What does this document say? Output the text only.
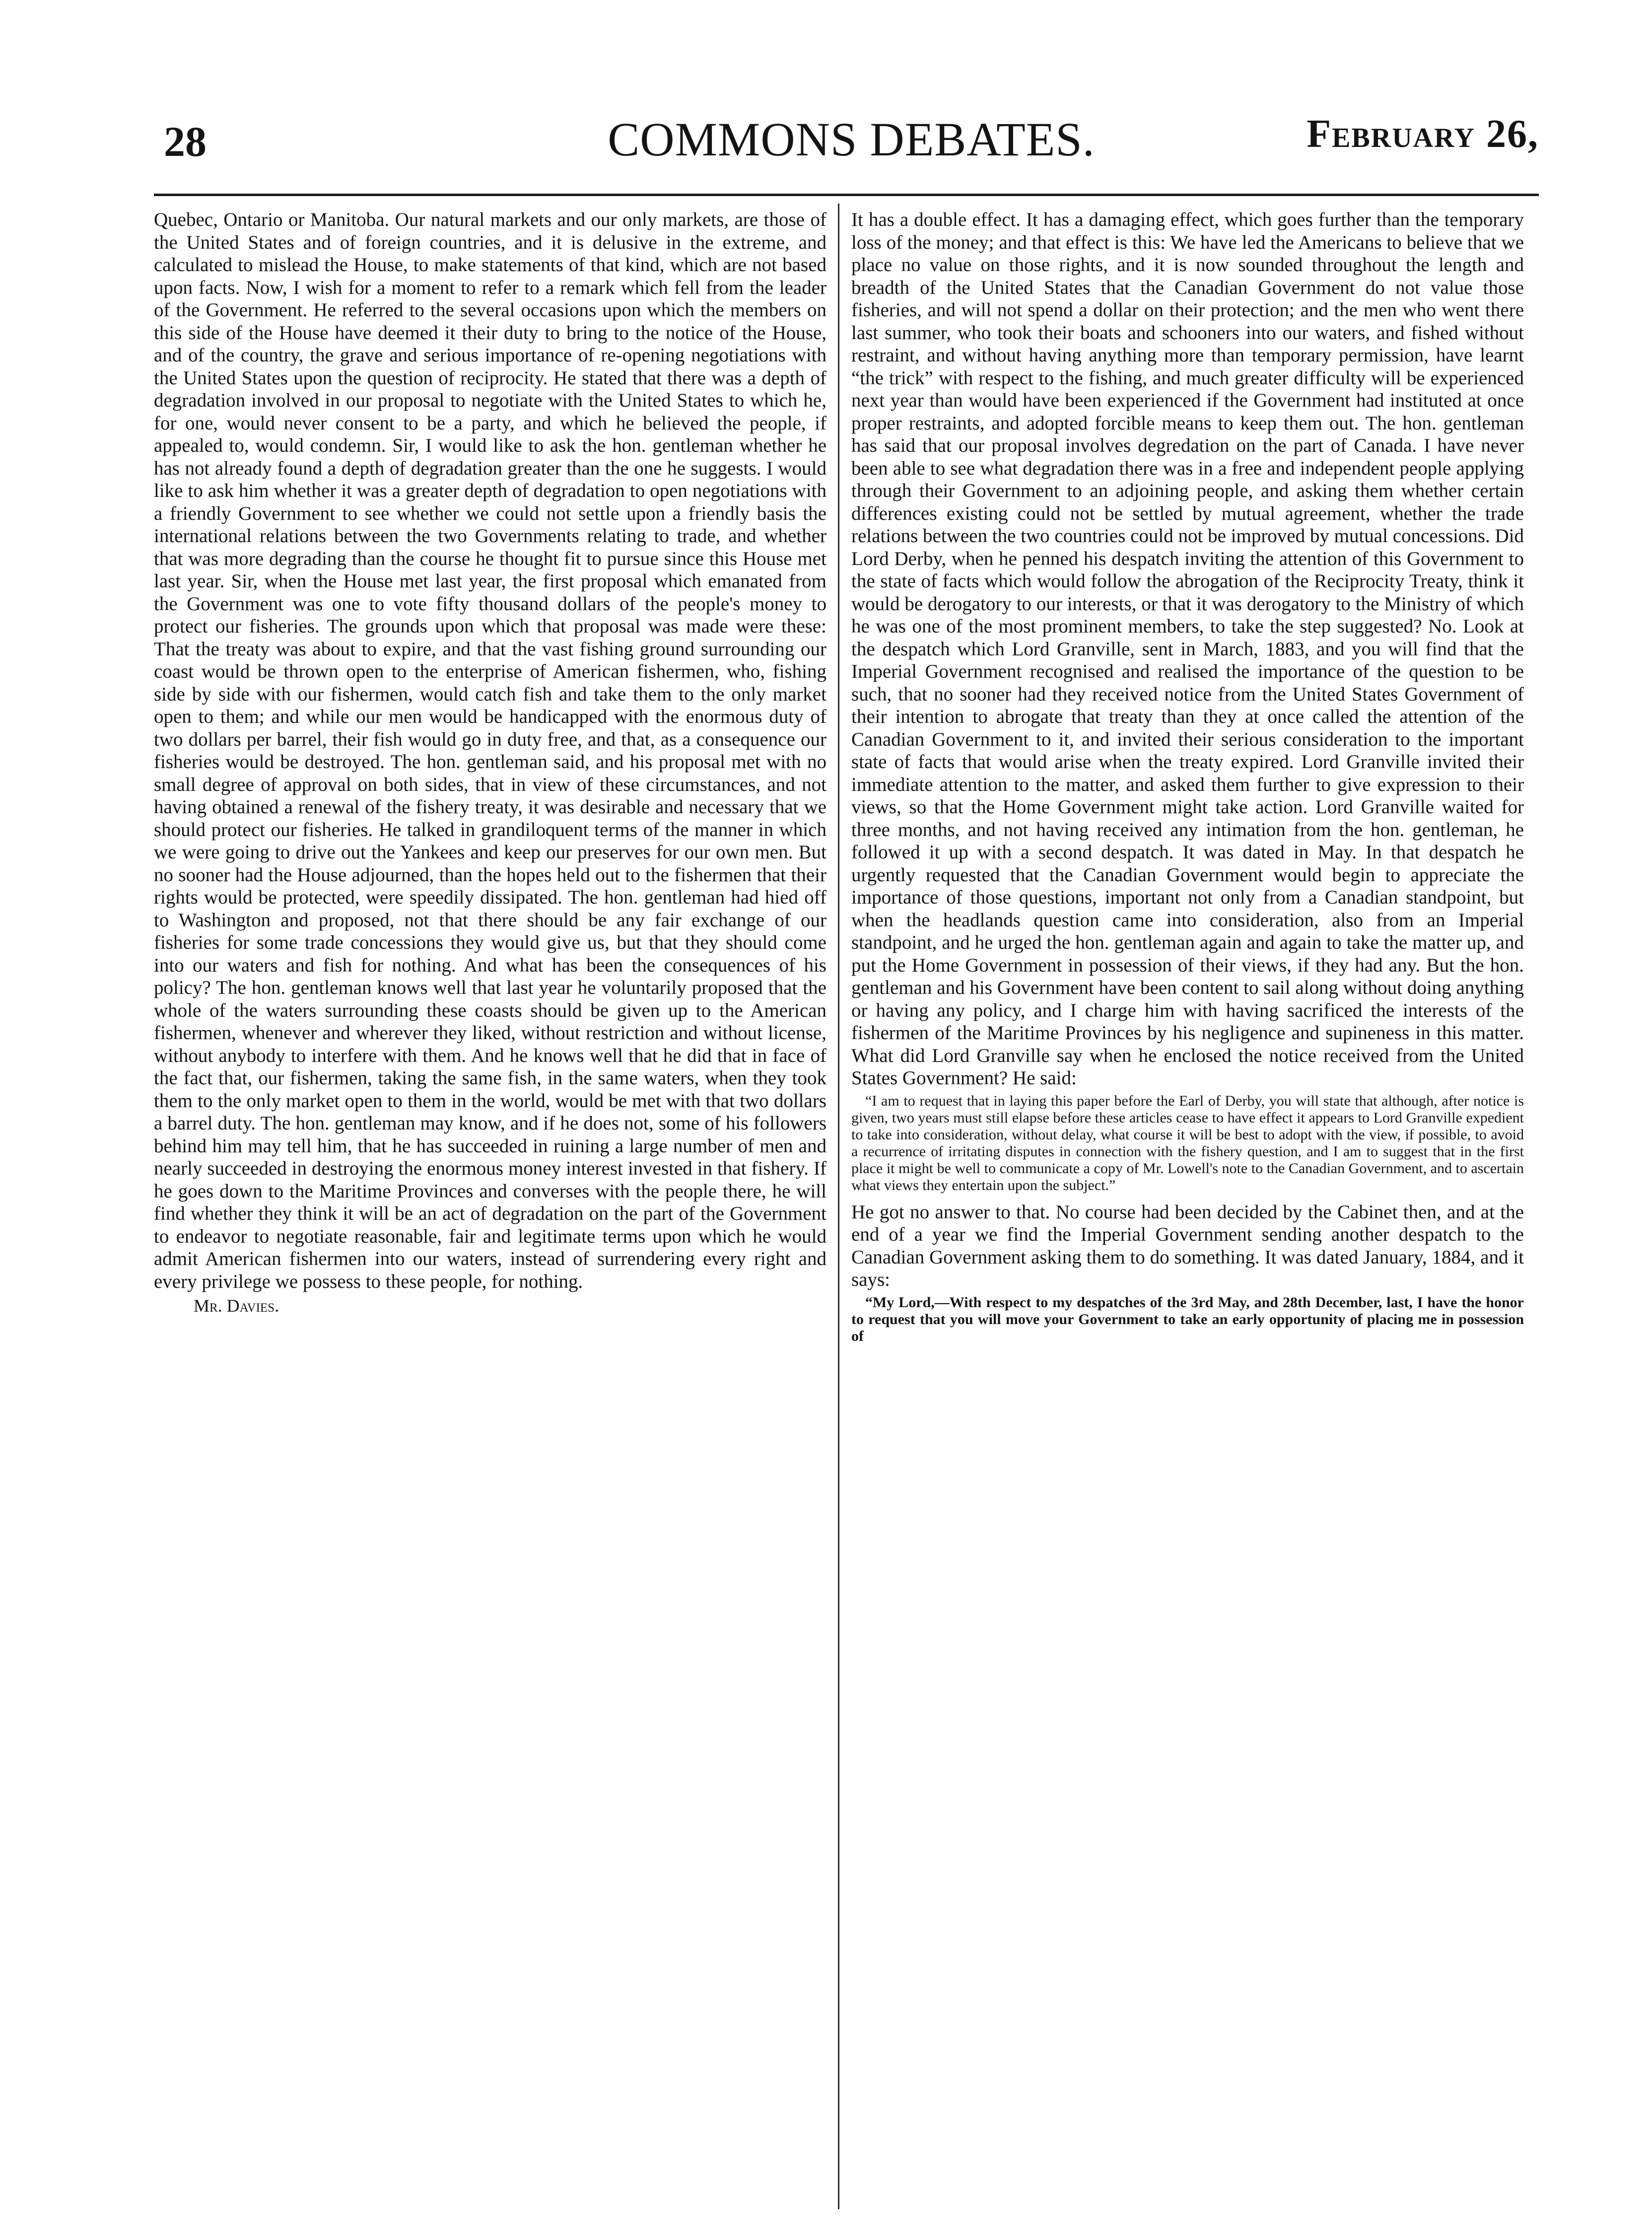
28	COMMONS DEBATES.	February 26,

Quebec, Ontario or Manitoba. Our natural markets and our only markets, are those of the United States and of foreign countries, and it is delusive in the extreme, and calculated to mislead the House, to make statements of that kind, which are not based upon facts. Now, I wish for a moment to refer to a remark which fell from the leader of the Government. He referred to the several occasions upon which the members on this side of the House have deemed it their duty to bring to the notice of the House, and of the country, the grave and serious importance of re-opening negotiations with the United States upon the question of reciprocity. He stated that there was a depth of degradation involved in our proposal to negotiate with the United States to which he, for one, would never consent to be a party, and which he believed the people, if appealed to, would condemn. Sir, I would like to ask the hon. gentleman whether he has not already found a depth of degradation greater than the one he suggests. I would like to ask him whether it was a greater depth of degradation to open negotiations with a friendly Government to see whether we could not settle upon a friendly basis the international relations between the two Governments relating to trade, and whether that was more degrading than the course he thought fit to pursue since this House met last year. Sir, when the House met last year, the first proposal which emanated from the Government was one to vote fifty thousand dollars of the people's money to protect our fisheries. The grounds upon which that proposal was made were these: That the treaty was about to expire, and that the vast fishing ground surrounding our coast would be thrown open to the enterprise of American fishermen, who, fishing side by side with our fishermen, would catch fish and take them to the only market open to them; and while our men would be handicapped with the enormous duty of two dollars per barrel, their fish would go in duty free, and that, as a consequence our fisheries would be destroyed. The hon. gentleman said, and his proposal met with no small degree of approval on both sides, that in view of these circumstances, and not having obtained a renewal of the fishery treaty, it was desirable and necessary that we should protect our fisheries. He talked in grandiloquent terms of the manner in which we were going to drive out the Yankees and keep our preserves for our own men. But no sooner had the House adjourned, than the hopes held out to the fishermen that their rights would be protected, were speedily dissipated. The hon. gentleman had hied off to Washington and proposed, not that there should be any fair exchange of our fisheries for some trade concessions they would give us, but that they should come into our waters and fish for nothing. And what has been the consequences of his policy? The hon. gentleman knows well that last year he voluntarily proposed that the whole of the waters surrounding these coasts should be given up to the American fishermen, whenever and wherever they liked, without restriction and without license, without anybody to interfere with them. And he knows well that he did that in face of the fact that, our fishermen, taking the same fish, in the same waters, when they took them to the only market open to them in the world, would be met with that two dollars a barrel duty. The hon. gentleman may know, and if he does not, some of his followers behind him may tell him, that he has succeeded in ruining a large number of men and nearly succeeded in destroying the enormous money interest invested in that fishery. If he goes down to the Maritime Provinces and converses with the people there, he will find whether they think it will be an act of degradation on the part of the Government to endeavor to negotiate reasonable, fair and legitimate terms upon which he would admit American fishermen into our waters, instead of surrendering every right and every privilege we possess to these people, for nothing.

Mr. Davies.

It has a double effect. It has a damaging effect, which goes further than the temporary loss of the money; and that effect is this: We have led the Americans to believe that we place no value on those rights, and it is now sounded throughout the length and breadth of the United States that the Canadian Government do not value those fisheries, and will not spend a dollar on their protection; and the men who went there last summer, who took their boats and schooners into our waters, and fished without restraint, and without having anything more than temporary permission, have learnt “the trick” with respect to the fishing, and much greater difficulty will be experienced next year than would have been experienced if the Government had instituted at once proper restraints, and adopted forcible means to keep them out. The hon. gentleman has said that our proposal involves degredation on the part of Canada. I have never been able to see what degradation there was in a free and independent people applying through their Government to an adjoining people, and asking them whether certain differences existing could not be settled by mutual agreement, whether the trade relations between the two countries could not be improved by mutual concessions. Did Lord Derby, when he penned his despatch inviting the attention of this Government to the state of facts which would follow the abrogation of the Reciprocity Treaty, think it would be derogatory to our interests, or that it was derogatory to the Ministry of which he was one of the most prominent members, to take the step suggested? No. Look at the despatch which Lord Granville, sent in March, 1883, and you will find that the Imperial Government recognised and realised the importance of the question to be such, that no sooner had they received notice from the United States Government of their intention to abrogate that treaty than they at once called the attention of the Canadian Government to it, and invited their serious consideration to the important state of facts that would arise when the treaty expired. Lord Granville invited their immediate attention to the matter, and asked them further to give expression to their views, so that the Home Government might take action. Lord Granville waited for three months, and not having received any intimation from the hon. gentleman, he followed it up with a second despatch. It was dated in May. In that despatch he urgently requested that the Canadian Government would begin to appreciate the importance of those questions, important not only from a Canadian standpoint, but when the headlands question came into consideration, also from an Imperial standpoint, and he urged the hon. gentleman again and again to take the matter up, and put the Home Government in possession of their views, if they had any. But the hon. gentleman and his Government have been content to sail along without doing anything or having any policy, and I charge him with having sacrificed the interests of the fishermen of the Maritime Provinces by his negligence and supineness in this matter. What did Lord Granville say when he enclosed the notice received from the United States Government? He said:

“I am to request that in laying this paper before the Earl of Derby, you will state that although, after notice is given, two years must still elapse before these articles cease to have effect it appears to Lord Granville expedient to take into consideration, without delay, what course it will be best to adopt with the view, if possible, to avoid a recurrence of irritating disputes in connection with the fishery question, and I am to suggest that in the first place it might be well to communicate a copy of Mr. Lowell's note to the Canadian Government, and to ascertain what views they entertain upon the subject.”

He got no answer to that. No course had been decided by the Cabinet then, and at the end of a year we find the Imperial Government sending another despatch to the Canadian Government asking them to do something. It was dated January, 1884, and it says:

“My Lord,—With respect to my despatches of the 3rd May, and 28th December, last, I have the honor to request that you will move your Government to take an early opportunity of placing me in possession of
